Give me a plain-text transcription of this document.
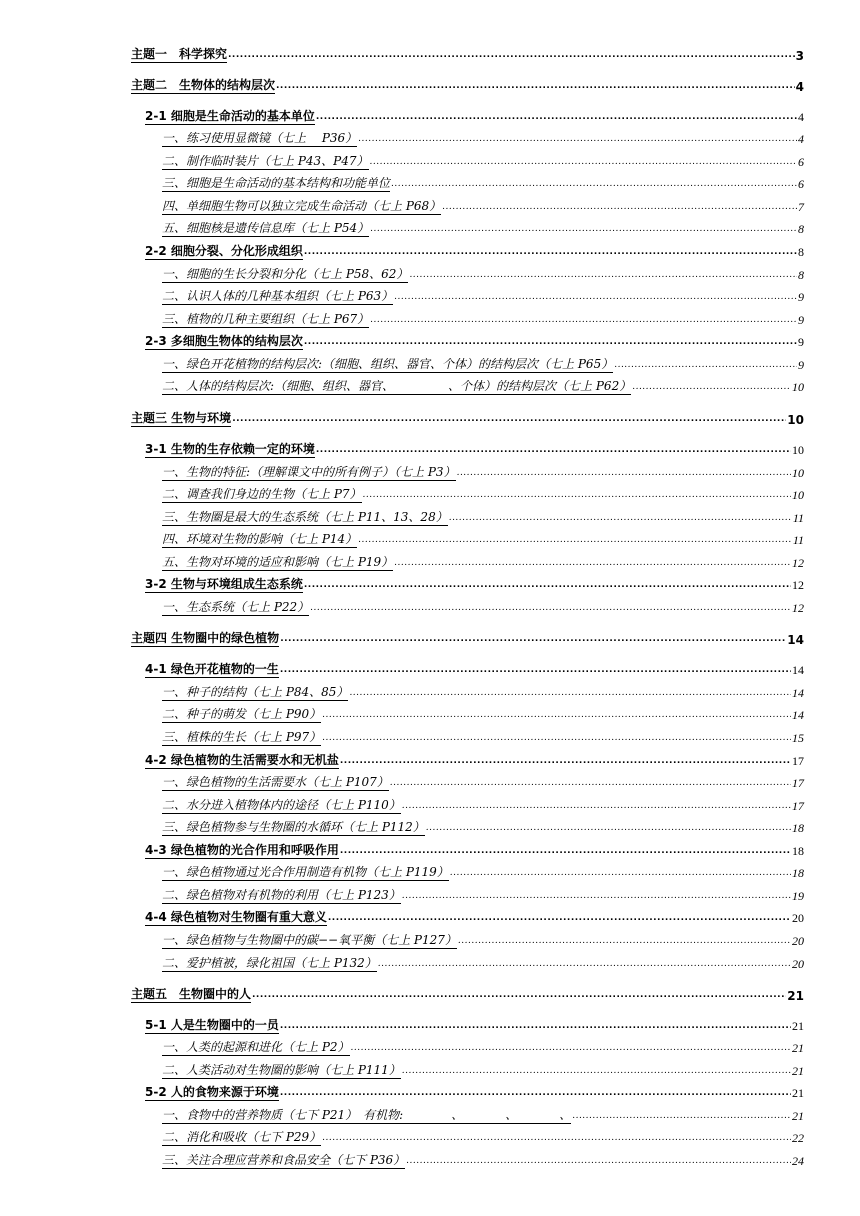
主题一　科学探究 .....	3
主题二　生物体的结构层次 .....	4
2-1 细胞是生命活动的基本单位 .....	4
一、练习使用显微镜（七上　 P36） .....	4
二、制作临时装片（七上 P43、P47） .....	6
三、细胞是生命活动的基本结构和功能单位 .....	6
四、单细胞生物可以独立完成生命活动（七上 P68） .....	7
五、细胞核是遗传信息库（七上 P54） .....	8
2-2 细胞分裂、分化形成组织 .....	8
一、细胞的生长分裂和分化（七上 P58、62） .....	8
二、认识人体的几种基本组织（七上 P63） .....	9
三、植物的几种主要组织（七上 P67） .....	9
2-3 多细胞生物体的结构层次 .....	9
一、绿色开花植物的结构层次:（细胞、组织、器官、个体）的结构层次（七上 P65） .....	9
二、人体的结构层次:（细胞、组织、器官、　　　　　、个体）的结构层次（七上 P62） .....	10
主题三 生物与环境 .....	10
3-1 生物的生存依赖一定的环境 .....	10
一、生物的特征:（理解课文中的所有例子）（七上 P3） .....	10
二、调查我们身边的生物（七上 P7） .....	10
三、生物圈是最大的生态系统（七上 P11、13、28） .....	11
四、环境对生物的影响（七上 P14） .....	11
五、生物对环境的适应和影响（七上 P19） .....	12
3-2 生物与环境组成生态系统 .....	12
一、生态系统（七上 P22） .....	12
主题四 生物圈中的绿色植物 .....	14
4-1 绿色开花植物的一生 .....	14
一、种子的结构（七上 P84、85） .....	14
二、种子的萌发（七上 P90） .....	14
三、植株的生长（七上 P97） .....	15
4-2 绿色植物的生活需要水和无机盐 .....	17
一、绿色植物的生活需要水（七上 P107） .....	17
二、水分进入植物体内的途径（七上 P110） .....	17
三、绿色植物参与生物圈的水循环（七上 P112） .....	18
4-3 绿色植物的光合作用和呼吸作用 .....	18
一、绿色植物通过光合作用制造有机物（七上 P119） .....	18
二、绿色植物对有机物的利用（七上 P123） .....	19
4-4 绿色植物对生物圈有重大意义 .....	20
一、绿色植物与生物圈中的碳−−氧平衡（七上 P127） .....	20
二、爱护植被，绿化祖国（七上 P132） .....	20
主题五　生物圈中的人 .....	21
5-1 人是生物圈中的一员 .....	21
一、人类的起源和进化（七上 P2） .....	21
二、人类活动对生物圈的影响（七上 P111） .....	21
5-2 人的食物来源于环境 .....	21
一、食物中的营养物质（七下 P21）　有机物:　　　　、　　　　、　　　　、 .....	21
二、消化和吸收（七下 P29） .....	22
三、关注合理应营养和食品安全（七下 P36） .....	24
